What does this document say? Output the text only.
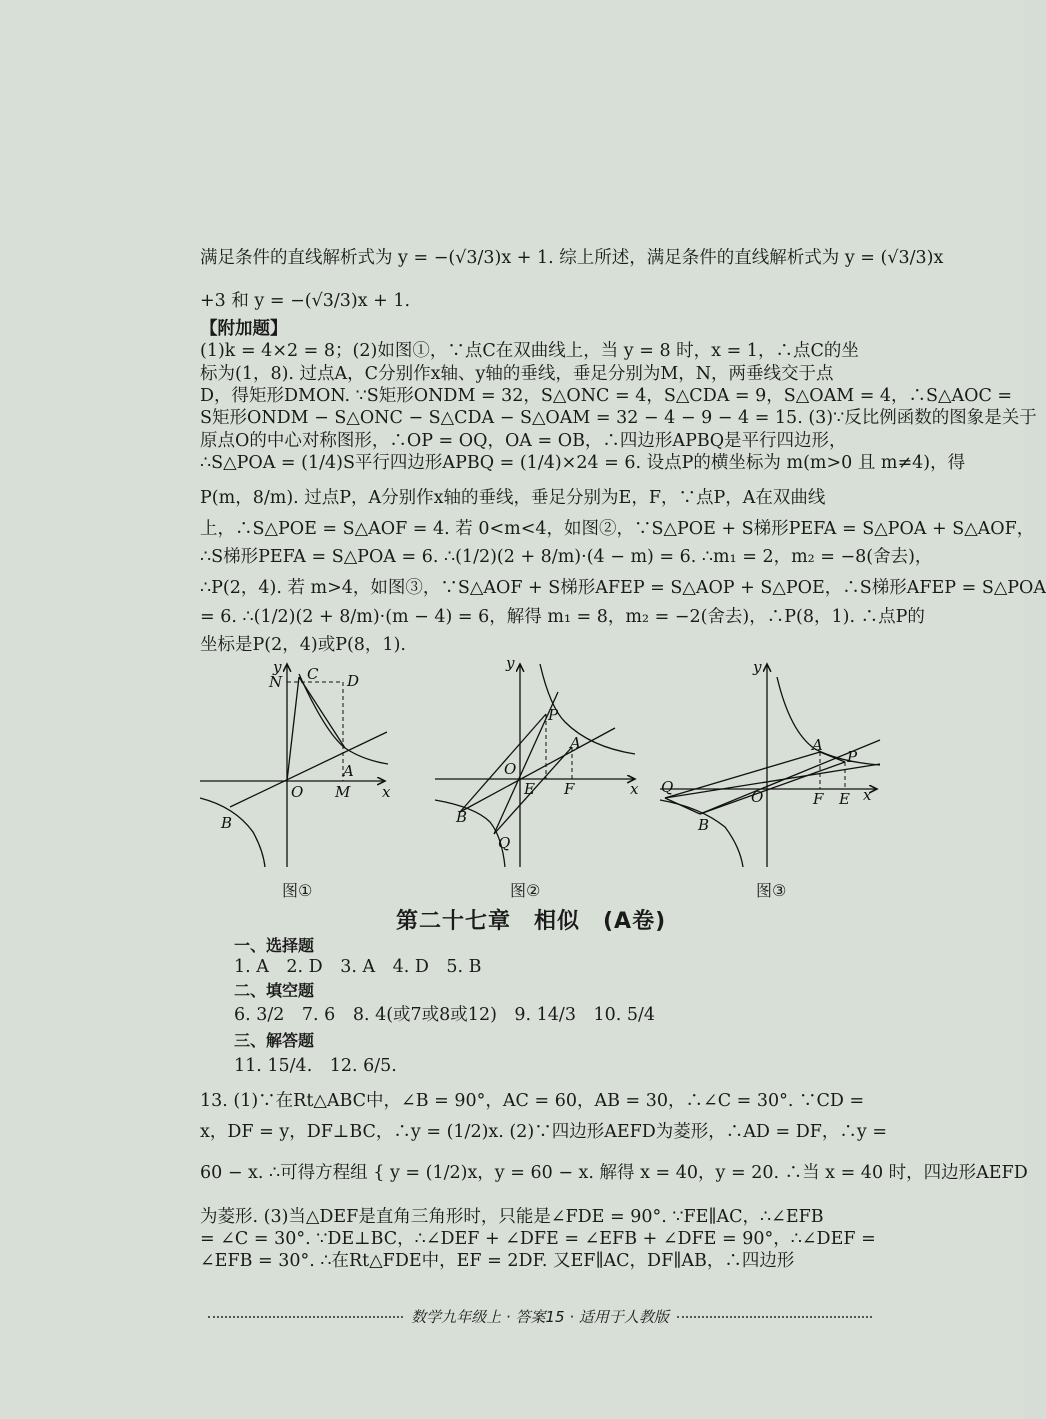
满足条件的直线解析式为 y = −(√3/3)x + 1. 综上所述，满足条件的直线解析式为 y = (√3/3)x
+3 和 y = −(√3/3)x + 1.
【附加题】
(1)k = 4×2 = 8；(2)如图①，∵点C在双曲线上，当 y = 8 时，x = 1，∴点C的坐
标为(1，8). 过点A，C分别作x轴、y轴的垂线，垂足分别为M，N，两垂线交于点
D，得矩形DMON. ∵S矩形ONDM = 32，S△ONC = 4，S△CDA = 9，S△OAM = 4，∴S△AOC =
S矩形ONDM − S△ONC − S△CDA − S△OAM = 32 − 4 − 9 − 4 = 15. (3)∵反比例函数的图象是关于
原点O的中心对称图形，∴OP = OQ，OA = OB，∴四边形APBQ是平行四边形，
∴S△POA = (1/4)S平行四边形APBQ = (1/4)×24 = 6. 设点P的横坐标为 m(m>0 且 m≠4)，得
P(m，8/m). 过点P，A分别作x轴的垂线，垂足分别为E，F，∵点P，A在双曲线
上，∴S△POE = S△AOF = 4. 若 0<m<4，如图②，∵S△POE + S梯形PEFA = S△POA + S△AOF，
∴S梯形PEFA = S△POA = 6. ∴(1/2)(2 + 8/m)·(4 − m) = 6. ∴m₁ = 2，m₂ = −8(舍去)，
∴P(2，4). 若 m>4，如图③，∵S△AOF + S梯形AFEP = S△AOP + S△POE，∴S梯形AFEP = S△POA
= 6. ∴(1/2)(2 + 8/m)·(m − 4) = 6，解得 m₁ = 8，m₂ = −2(舍去)，∴P(8，1). ∴点P的
坐标是P(2，4)或P(8，1).
y
N C D
A
O M x
B
y
P
A
O
E F	x
B
Q
y
A
P
Q
O	F E x
B
图①	图②	图③
第二十七章　相似　(A卷)
一、选择题
1. A　2. D　3. A　4. D　5. B
二、填空题
6. 3/2　7. 6　8. 4(或7或8或12)　9. 14/3　10. 5/4
三、解答题
11. 15/4.　12. 6/5.
13. (1)∵在Rt△ABC中，∠B = 90°，AC = 60，AB = 30，∴∠C = 30°. ∵CD =
x，DF = y，DF⊥BC，∴y = (1/2)x. (2)∵四边形AEFD为菱形，∴AD = DF，∴y =
60 − x. ∴可得方程组 { y = (1/2)x，y = 60 − x. 解得 x = 40，y = 20. ∴当 x = 40 时，四边形AEFD
为菱形. (3)当△DEF是直角三角形时，只能是∠FDE = 90°. ∵FE∥AC，∴∠EFB
= ∠C = 30°. ∵DE⊥BC，∴∠DEF + ∠DFE = ∠EFB + ∠DFE = 90°，∴∠DEF =
∠EFB = 30°. ∴在Rt△FDE中，EF = 2DF. 又EF∥AC，DF∥AB，∴四边形
数学九年级上 · 答案15 · 适用于人教版
